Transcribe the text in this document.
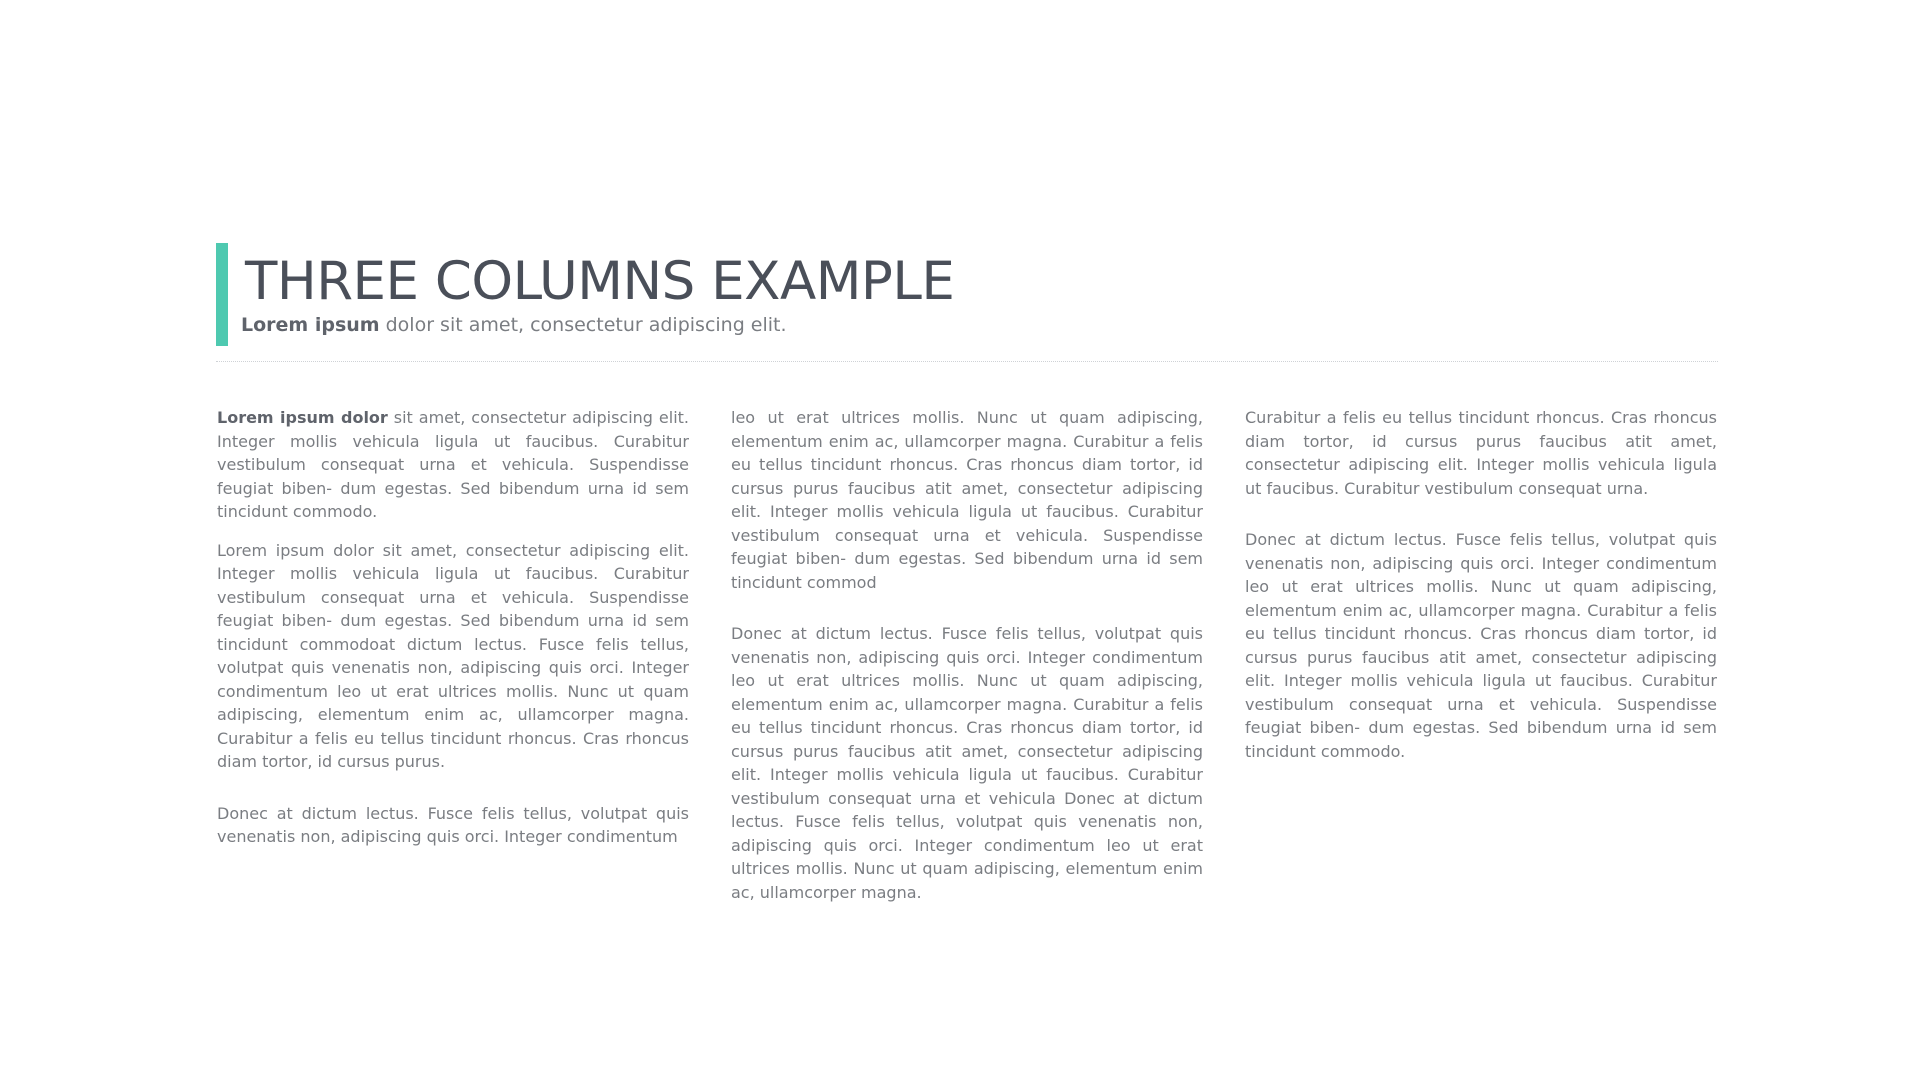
THREE COLUMNS EXAMPLE

Lorem ipsum dolor sit amet, consectetur adipiscing elit.

Lorem ipsum dolor sit amet, consectetur adipiscing elit. Integer mollis vehicula ligula ut faucibus. Curabitur vestibulum consequat urna et vehicula. Suspendisse feugiat biben- dum egestas. Sed bibendum urna id sem tincidunt commodo.

Lorem ipsum dolor sit amet, consectetur adipiscing elit. Integer mollis vehicula ligula ut faucibus. Curabitur vestibulum consequat urna et vehicula. Suspendisse feugiat biben- dum egestas. Sed bibendum urna id sem tincidunt commodoat dictum lectus. Fusce felis tellus, volutpat quis venenatis non, adipiscing quis orci. Integer condimentum leo ut erat ultrices mollis. Nunc ut quam adipiscing, elementum enim ac, ullamcorper magna. Curabitur a felis eu tellus tincidunt rhoncus. Cras rhoncus diam tortor, id cursus purus.

Donec at dictum lectus. Fusce felis tellus, volutpat quis venenatis non, adipiscing quis orci. Integer condimentum

leo ut erat ultrices mollis. Nunc ut quam adipiscing, elementum enim ac, ullamcorper magna. Curabitur a felis eu tellus tincidunt rhoncus. Cras rhoncus diam tortor, id cursus purus faucibus atit amet, consectetur adipiscing elit. Integer mollis vehicula ligula ut faucibus. Curabitur vestibulum consequat urna et vehicula. Suspendisse feugiat biben- dum egestas. Sed bibendum urna id sem tincidunt commod

Donec at dictum lectus. Fusce felis tellus, volutpat quis venenatis non, adipiscing quis orci. Integer condimentum leo ut erat ultrices mollis. Nunc ut quam adipiscing, elementum enim ac, ullamcorper magna. Curabitur a felis eu tellus tincidunt rhoncus. Cras rhoncus diam tortor, id cursus purus faucibus atit amet, consectetur adipiscing elit. Integer mollis vehicula ligula ut faucibus. Curabitur vestibulum consequat urna et vehicula Donec at dictum lectus. Fusce felis tellus, volutpat quis venenatis non, adipiscing quis orci. Integer condimentum leo ut erat ultrices mollis. Nunc ut quam adipiscing, elementum enim ac, ullamcorper magna.

Curabitur a felis eu tellus tincidunt rhoncus. Cras rhoncus diam tortor, id cursus purus faucibus atit amet, consectetur adipiscing elit. Integer mollis vehicula ligula ut faucibus. Curabitur vestibulum consequat urna.

Donec at dictum lectus. Fusce felis tellus, volutpat quis venenatis non, adipiscing quis orci. Integer condimentum leo ut erat ultrices mollis. Nunc ut quam adipiscing, elementum enim ac, ullamcorper magna. Curabitur a felis eu tellus tincidunt rhoncus. Cras rhoncus diam tortor, id cursus purus faucibus atit amet, consectetur adipiscing elit. Integer mollis vehicula ligula ut faucibus. Curabitur vestibulum consequat urna et vehicula. Suspendisse feugiat biben- dum egestas. Sed bibendum urna id sem tincidunt commodo.
